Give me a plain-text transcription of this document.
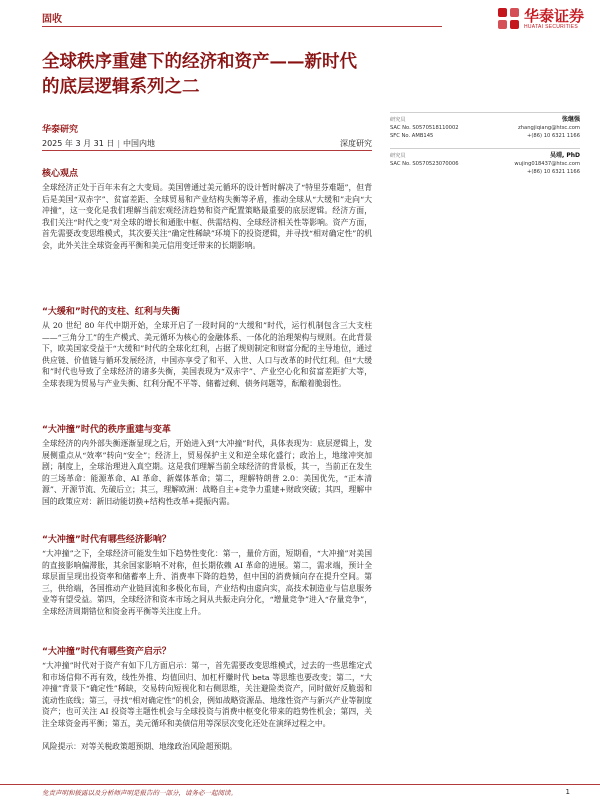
固收	华泰证券
HUATAI SECURITIES
全球秩序重建下的经济和资产——新时代的底层逻辑系列之二
华泰研究
2025 年 3 月 31 日 | 中国内地	深度研究
研究员	张继强
SAC No. S0570518110002	zhangjiqiang@htsc.com
SFC No. AMB145	+(86) 10 6321 1166
研究员	吴靖, PhD
SAC No. S0570523070006	wujing018437@htsc.com
+(86) 10 6321 1166
核心观点

全球经济正处于百年未有之大变局。美国曾通过美元循环的设计暂时解决了“特里芬难题”，但背后是美国“双赤字”、贫富差距、全球贸易和产业结构失衡等矛盾，推动全球从“大缓和”走向“大冲撞”，这一变化是我们理解当前宏观经济趋势和资产配置策略最重要的底层逻辑。经济方面，我们关注“时代之变”对全球的增长和通胀中枢、供需结构、全球经济相关性等影响。资产方面，首先需要改变思维模式，其次要关注“确定性稀缺”环境下的投资逻辑，并寻找“相对确定性”的机会，此外关注全球资金再平衡和美元信用变迁带来的长期影响。

“大缓和”时代的支柱、红利与失衡

从 20 世纪 80 年代中期开始，全球开启了一段时间的“大缓和”时代，运行机制包含三大支柱——“三角分工”的生产模式、美元循环为核心的金融体系、一体化的治理架构与规则。在此背景下，欧美国家受益于“大缓和”时代的全球化红利，占据了规则制定和财富分配的主导地位，通过供应链、价值链与循环发展经济，中国亦享受了和平、入世、人口与改革的时代红利。但“大缓和”时代也导致了全球经济的诸多失衡，美国表现为“双赤字”、产业空心化和贫富差距扩大等，全球表现为贸易与产业失衡、红利分配不平等、储蓄过剩、债务问题等，酝酿着脆弱性。

“大冲撞”时代的秩序重建与变革

全球经济的内外部失衡逐渐显现之后，开始进入到“大冲撞”时代，具体表现为：底层逻辑上，发展侧重点从“效率”转向“安全”；经济上，贸易保护主义和逆全球化盛行；政治上，地缘冲突加剧；制度上，全球治理进入真空期。这是我们理解当前全球经济的背景板，其一，当前正在发生的三场革命：能源革命、AI 革命、新媒体革命；第二，理解特朗普 2.0：美国优先，“正本清源”、开源节流、先破后立；其三，理解欧洲：战略自主+竞争力重建+财政突破；其四，理解中国的政策应对：新旧动能切换+结构性改革+提振内需。

“大冲撞”时代有哪些经济影响？

“大冲撞”之下，全球经济可能发生如下趋势性变化：第一，量价方面，短期看，“大冲撞”对美国的直接影响偏滞胀，其余国家影响不对称，但长期依赖 AI 革命的进展。第二，需求端，预计全球层面呈现出投资率和储蓄率上升、消费率下降的趋势，但中国的消费倾向存在提升空间。第三，供给端，各国推动产业链回流和多极化布局，产业结构由虚向实，高技术制造业与信息服务业等有望受益。第四，全球经济和资本市场之间从共振走向分化，“增量竞争”进入“存量竞争”，全球经济周期错位和资金再平衡等关注度上升。

“大冲撞”时代有哪些资产启示？

“大冲撞”时代对于资产有如下几方面启示：第一，首先需要改变思维模式，过去的一些思维定式和市场信仰不再有效，线性外推、均值回归、加杠杆赚时代 beta 等思维也要改变；第二，“大冲撞”背景下“确定性”稀缺，交易转向短视化和右侧思维，关注避险类资产，同时做好反脆弱和流动性底线；第三，寻找“相对确定性”的机会，例如战略资源品、地缘性资产与新兴产业等制度资产；也可关注 AI 投资等主题性机会与全球投资与消费中枢变化带来的趋势性机会；第四，关注全球资金再平衡；第五，美元循环和美债信用等深层次变化还处在演绎过程之中。

风险提示：对等关税政策超预期、地缘政治风险超预期。
免责声明和披露以及分析师声明是报告的一部分，请务必一起阅读。	1
